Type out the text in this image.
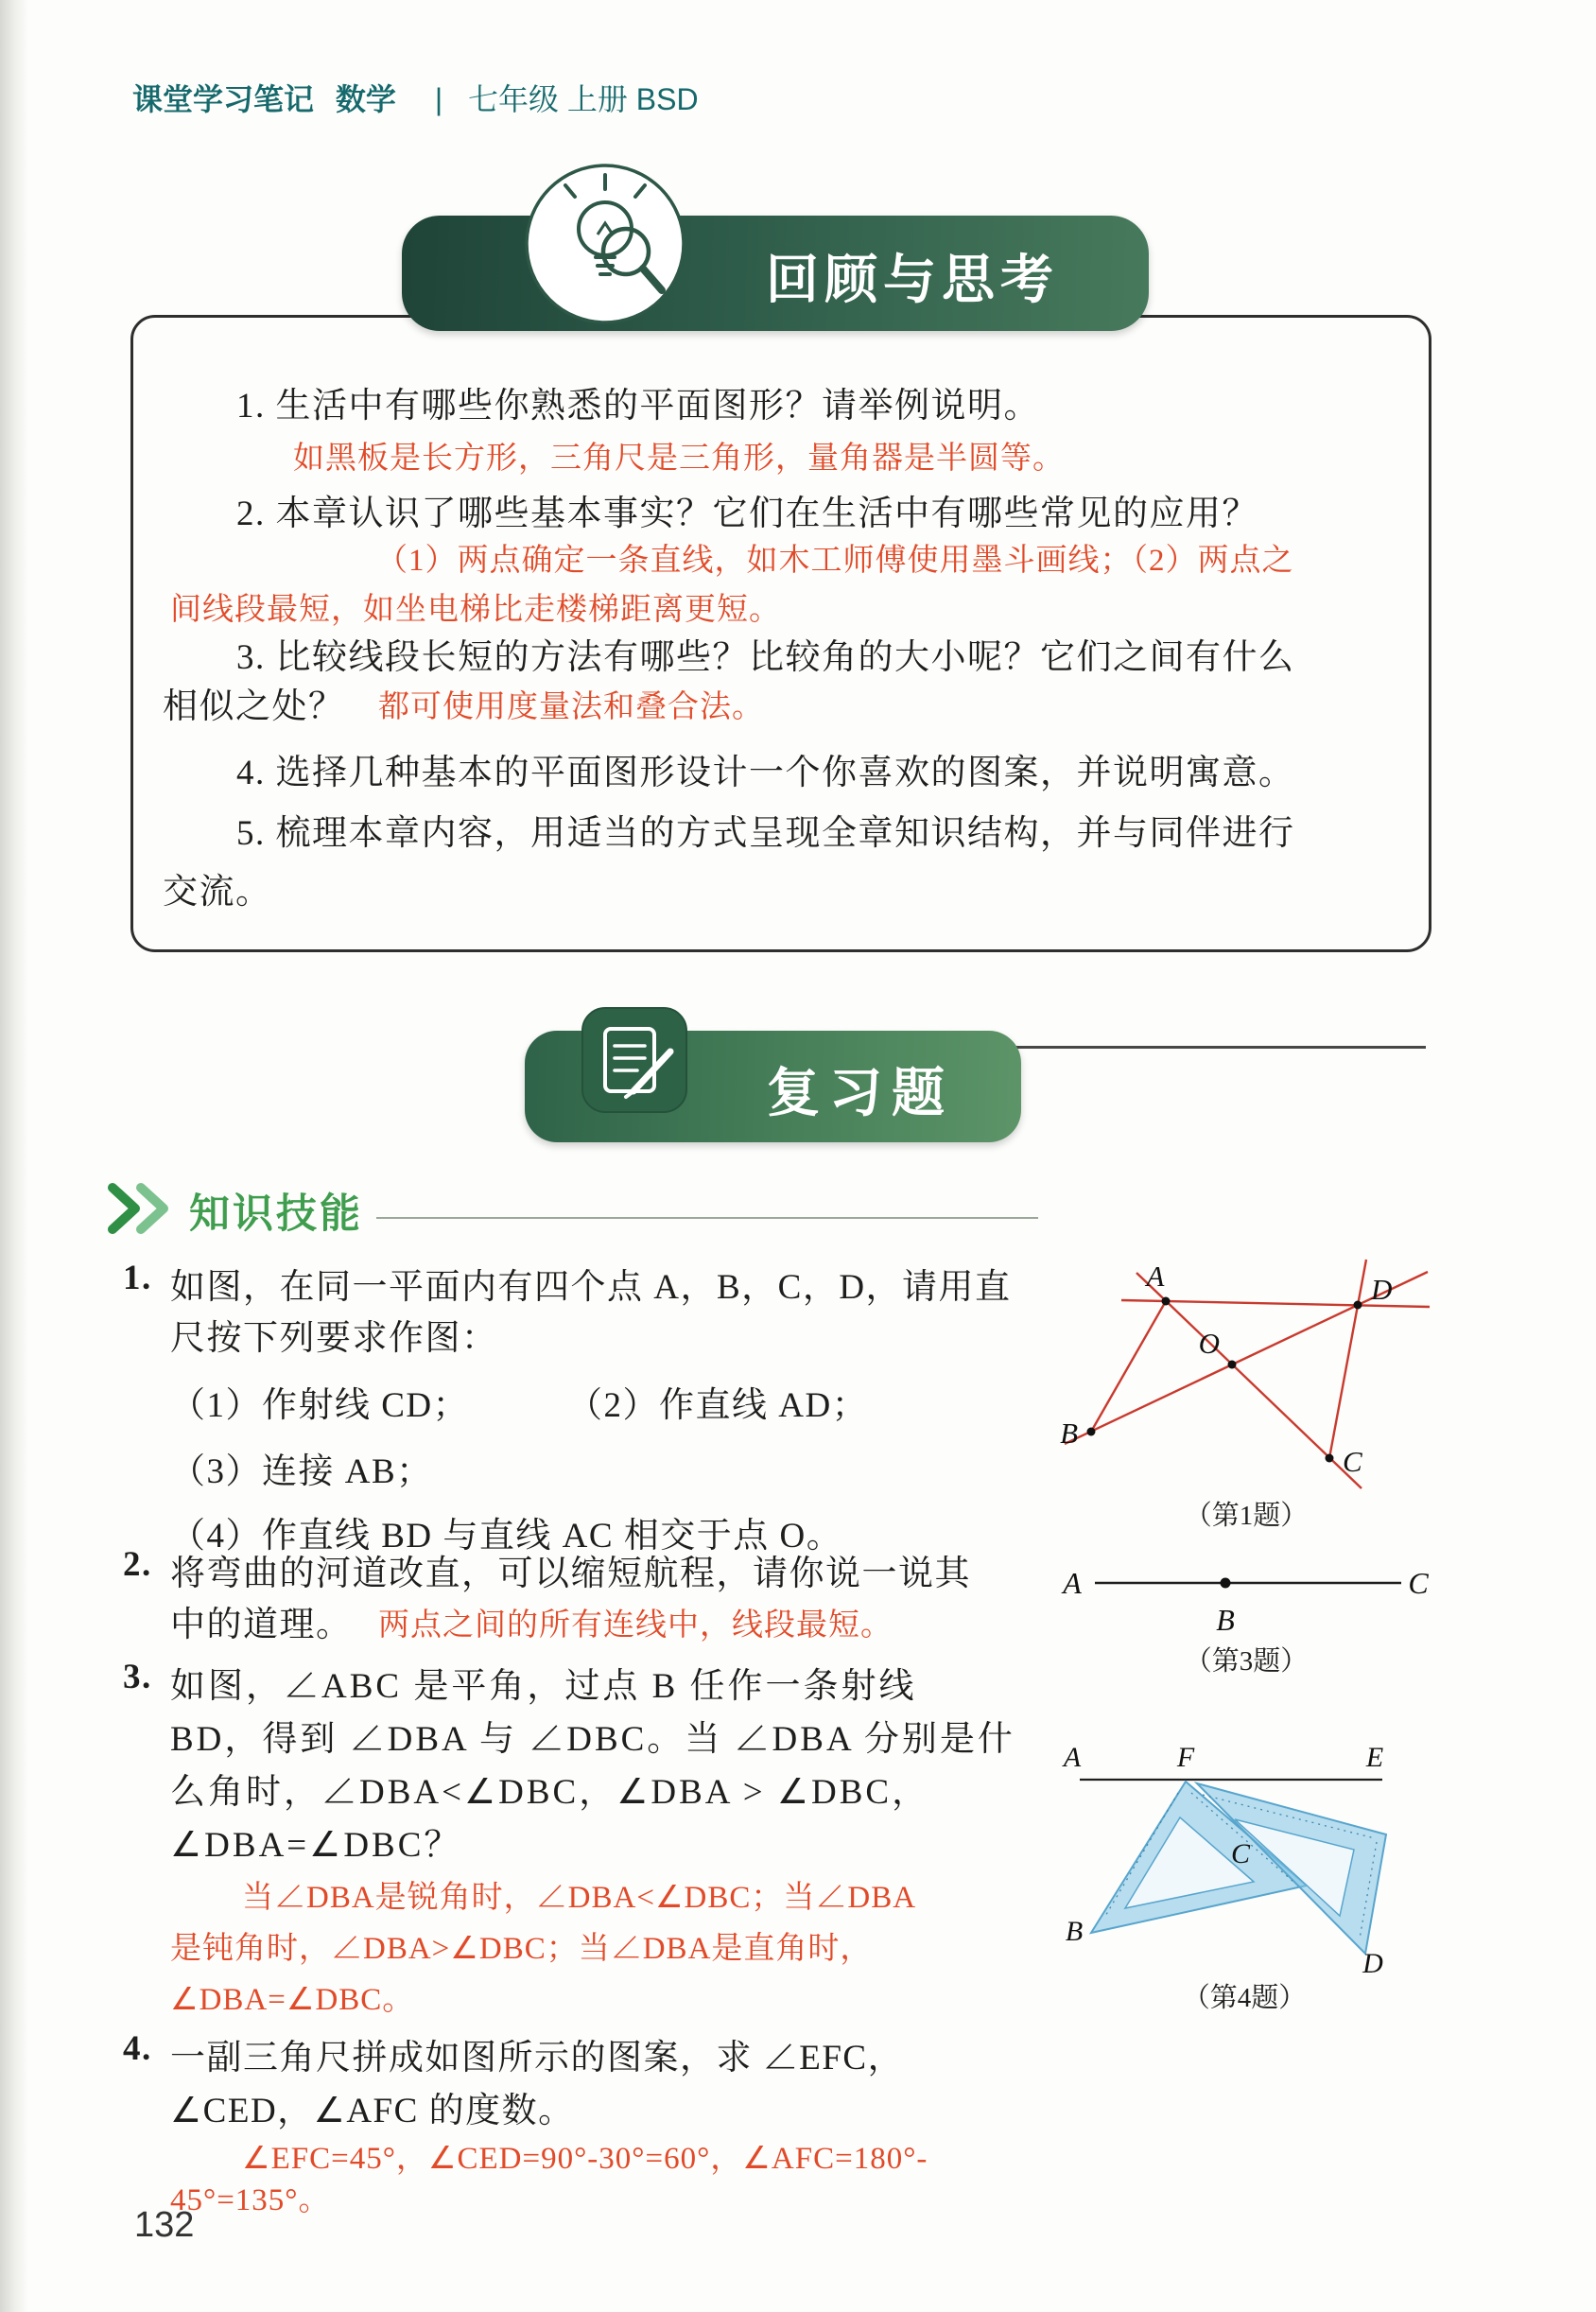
课堂学习笔记 数学 | 七年级 上册 BSD
回顾与思考
1.  生活中有哪些你熟悉的平面图形？请举例说明。
如黑板是长方形，三角尺是三角形，量角器是半圆等。
2.  本章认识了哪些基本事实？它们在生活中有哪些常见的应用？
（1）两点确定一条直线，如木工师傅使用墨斗画线；（2）两点之
间线段最短，如坐电梯比走楼梯距离更短。
3.  比较线段长短的方法有哪些？比较角的大小呢？它们之间有什么
相似之处？ 都可使用度量法和叠合法。
4.  选择几种基本的平面图形设计一个你喜欢的图案，并说明寓意。
5.  梳理本章内容，用适当的方式呈现全章知识结构，并与同伴进行
交流。
复习题
知识技能
1. 如图，在同一平面内有四个点 A，B，C，D，请用直
尺按下列要求作图：
（1）作射线 CD；	（2）作直线 AD；
（3）连接 AB；
（4）作直线 BD 与直线 AC 相交于点 O。
A	D
B
C
O
（第1题）
2. 将弯曲的河道改直，可以缩短航程，请你说一说其
中的道理。 两点之间的所有连线中，线段最短。
A	C
B
（第3题）
3. 如图，∠ABC 是平角，过点 B 任作一条射线
BD，得到 ∠DBA 与 ∠DBC。当 ∠DBA 分别是什
么角时，∠DBA<∠DBC，∠DBA > ∠DBC，
∠DBA=∠DBC？
当∠DBA是锐角时，∠DBA<∠DBC；当∠DBA
是钝角时，∠DBA>∠DBC；当∠DBA是直角时，
∠DBA=∠DBC。
A	F	E
C
B
D
（第4题）
4. 一副三角尺拼成如图所示的图案，求 ∠EFC，
∠CED，∠AFC 的度数。
∠EFC=45°，∠CED=90°-30°=60°，∠AFC=180°-
45°=135°。
132
